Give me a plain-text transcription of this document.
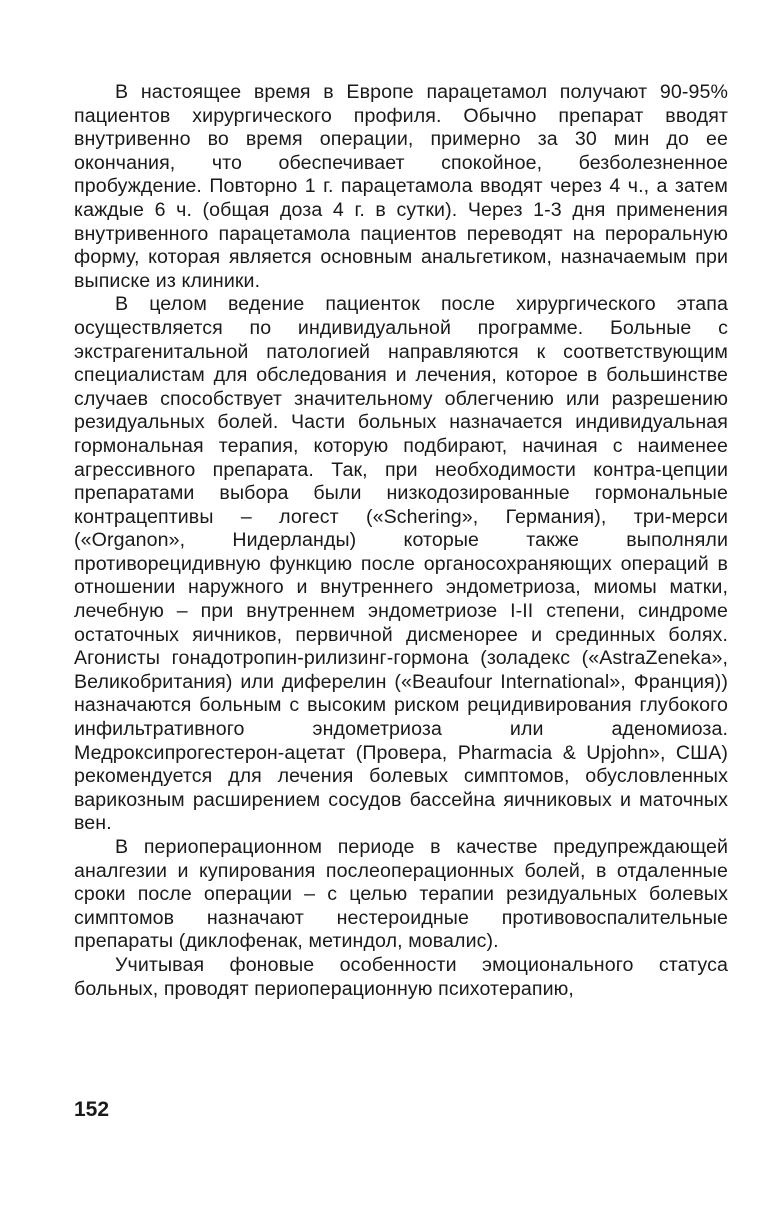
В настоящее время в Европе парацетамол получают 90-95% пациентов хирургического профиля. Обычно препарат вводят внутривенно во время операции, примерно за 30 мин до ее окончания, что обеспечивает спокойное, безболезненное пробуждение. Повторно 1 г. парацетамола вводят через 4 ч., а затем каждые 6 ч. (общая доза 4 г. в сутки). Через 1-3 дня применения внутривенного парацетамола пациентов переводят на пероральную форму, которая является основным анальгетиком, назначаемым при выписке из клиники.

В целом ведение пациенток после хирургического этапа осуществляется по индивидуальной программе. Больные с экстрагенитальной патологией направляются к соответствующим специалистам для обследования и лечения, которое в большинстве случаев способствует значительному облегчению или разрешению резидуальных болей. Части больных назначается индивидуальная гормональная терапия, которую подбирают, начиная с наименее агрессивного препарата. Так, при необходимости контра-цепции препаратами выбора были низкодозированные гормональные контрацептивы – логест («Schering», Германия), три-мерси («Organon», Нидерланды) которые также выполняли противорецидивную функцию после органосохраняющих операций в отношении наружного и внутреннего эндометриоза, миомы матки, лечебную – при внутреннем эндометриозе I-II степени, синдроме остаточных яичников, первичной дисменорее и срединных болях. Агонисты гонадотропин-рилизинг-гормона (золадекс («AstraZeneka», Великобритания) или диферелин («Beaufour International», Франция)) назначаются больным с высоким риском рецидивирования глубокого инфильтративного эндометриоза или аденомиоза. Медроксипрогестерон-ацетат (Провера, Pharmacia & Upjohn», США) рекомендуется для лечения болевых симптомов, обусловленных варикозным расширением сосудов бассейна яичниковых и маточных вен.

В периоперационном периоде в качестве предупреждающей аналгезии и купирования послеоперационных болей, в отдаленные сроки после операции – с целью терапии резидуальных болевых симптомов назначают нестероидные противовоспалительные препараты (диклофенак, метиндол, мовалис).

Учитывая фоновые особенности эмоционального статуса больных, проводят периоперационную психотерапию,

152
